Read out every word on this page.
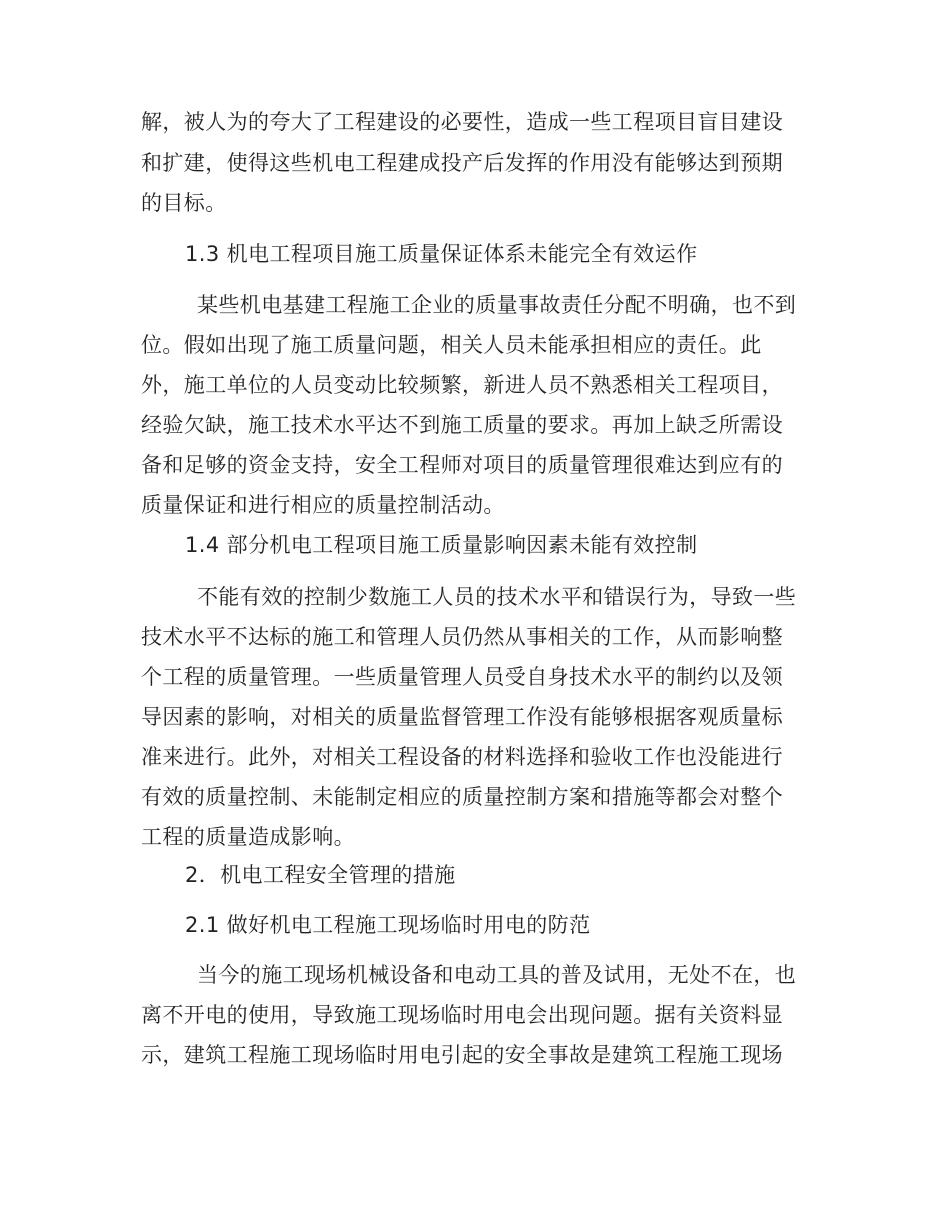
解，被人为的夸大了工程建设的必要性，造成一些工程项目盲目建设
和扩建，使得这些机电工程建成投产后发挥的作用没有能够达到预期
的目标。
1.3 机电工程项目施工质量保证体系未能完全有效运作
某些机电基建工程施工企业的质量事故责任分配不明确，也不到
位。假如出现了施工质量问题，相关人员未能承担相应的责任。此
外，施工单位的人员变动比较频繁，新进人员不熟悉相关工程项目，
经验欠缺，施工技术水平达不到施工质量的要求。再加上缺乏所需设
备和足够的资金支持，安全工程师对项目的质量管理很难达到应有的
质量保证和进行相应的质量控制活动。
1.4 部分机电工程项目施工质量影响因素未能有效控制
不能有效的控制少数施工人员的技术水平和错误行为，导致一些
技术水平不达标的施工和管理人员仍然从事相关的工作，从而影响整
个工程的质量管理。一些质量管理人员受自身技术水平的制约以及领
导因素的影响，对相关的质量监督管理工作没有能够根据客观质量标
准来进行。此外，对相关工程设备的材料选择和验收工作也没能进行
有效的质量控制、未能制定相应的质量控制方案和措施等都会对整个
工程的质量造成影响。
2．机电工程安全管理的措施
2.1 做好机电工程施工现场临时用电的防范
当今的施工现场机械设备和电动工具的普及试用，无处不在，也
离不开电的使用，导致施工现场临时用电会出现问题。据有关资料显
示，建筑工程施工现场临时用电引起的安全事故是建筑工程施工现场
